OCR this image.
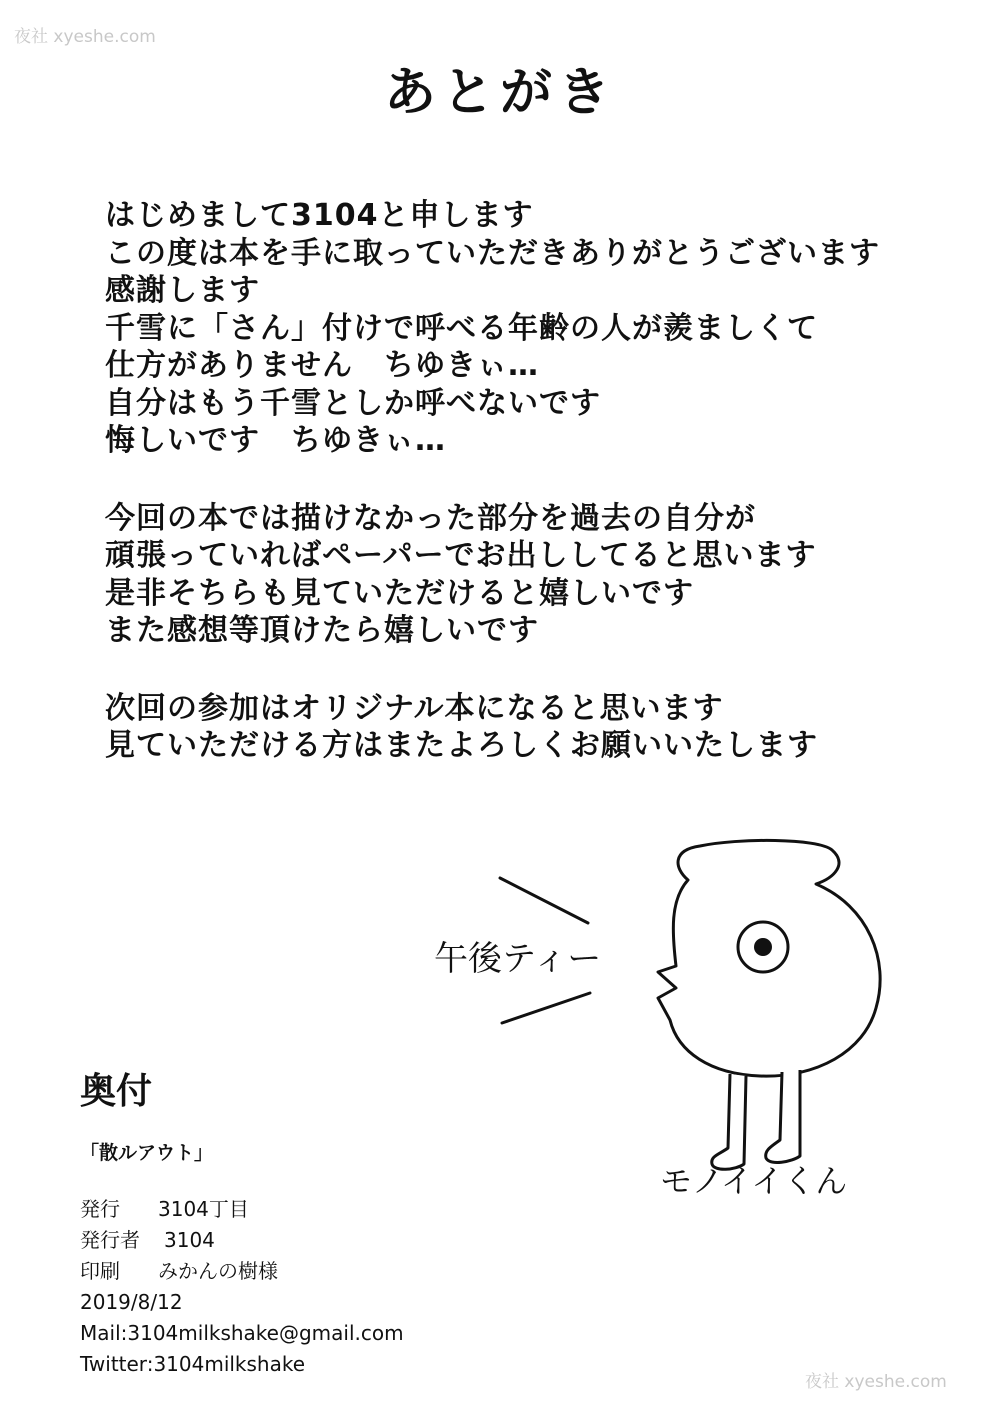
夜社 xyeshe.com
あとがき
はじめまして3104と申します
この度は本を手に取っていただきありがとうございます
感謝します
千雪に「さん」付けで呼べる年齢の人が羨ましくて
仕方がありません　ちゆきぃ…
自分はもう千雪としか呼べないです
悔しいです　ちゆきぃ…
今回の本では描けなかった部分を過去の自分が
頑張っていればペーパーでお出ししてると思います
是非そちらも見ていただけると嬉しいです
また感想等頂けたら嬉しいです
次回の参加はオリジナル本になると思います
見ていただける方はまたよろしくお願いいたします
午後ティー
モノイイくん
奥付
「散ルアウト」
発行 3104丁目
発行者 3104
印刷 みかんの樹様
2019/8/12
Mail:3104milkshake@gmail.com
Twitter:3104milkshake
夜社 xyeshe.com
